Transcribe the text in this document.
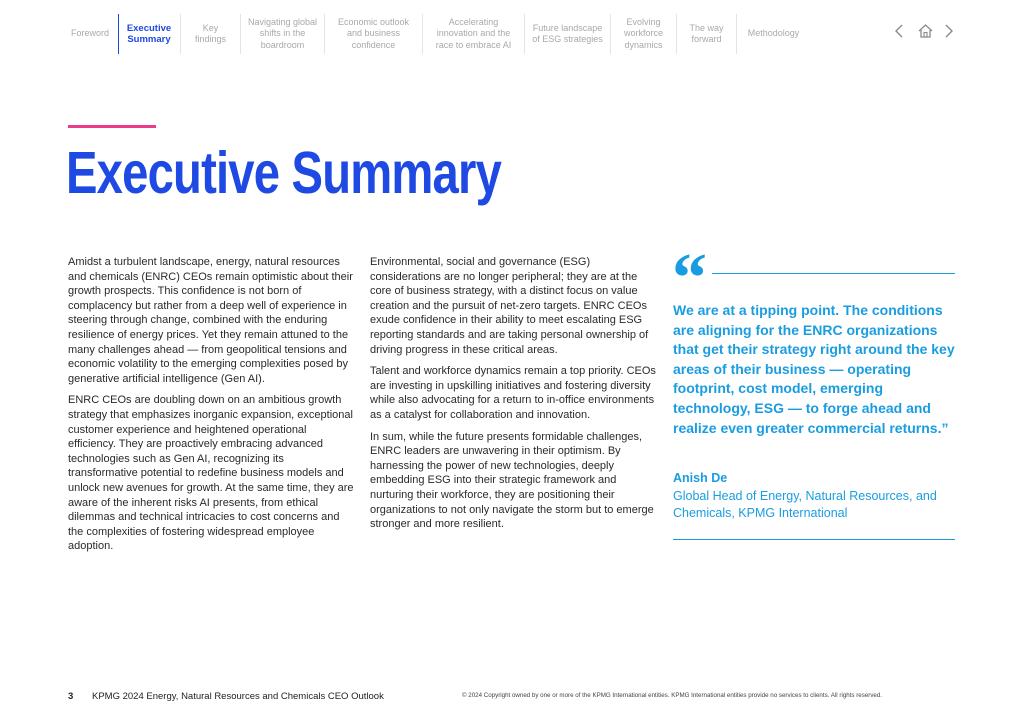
Foreword	Executive Summary
Key findings
Navigating global shifts in the boardroom
Economic outlook and business confidence
Accelerating innovation and the race to embrace AI
Future landscape of ESG strategies
Evolving workforce dynamics
The way forward
Methodology
Executive Summary

Amidst a turbulent landscape, energy, natural resources and chemicals (ENRC) CEOs remain optimistic about their growth prospects. This confidence is not born of complacency but rather from a deep well of experience in steering through change, combined with the enduring resilience of energy prices. Yet they remain attuned to the many challenges ahead — from geopolitical tensions and economic volatility to the emerging complexities posed by generative artificial intelligence (Gen AI).

ENRC CEOs are doubling down on an ambitious growth strategy that emphasizes inorganic expansion, exceptional customer experience and heightened operational efficiency. They are proactively embracing advanced technologies such as Gen AI, recognizing its transformative potential to redefine business models and unlock new avenues for growth. At the same time, they are aware of the inherent risks AI presents, from ethical dilemmas and technical intricacies to cost concerns and the complexities of fostering widespread employee adoption.

Environmental, social and governance (ESG) considerations are no longer peripheral; they are at the core of business strategy, with a distinct focus on value creation and the pursuit of net-zero targets. ENRC CEOs exude confidence in their ability to meet escalating ESG reporting standards and are taking personal ownership of driving progress in these critical areas.

Talent and workforce dynamics remain a top priority. CEOs are investing in upskilling initiatives and fostering diversity while also advocating for a return to in-office environments as a catalyst for collaboration and innovation.

In sum, while the future presents formidable challenges, ENRC leaders are unwavering in their optimism. By harnessing the power of new technologies, deeply embedding ESG into their strategic framework and nurturing their workforce, they are positioning their organizations to not only navigate the storm but to emerge stronger and more resilient.

“

We are at a tipping point. The conditions are aligning for the ENRC organizations that get their strategy right around the key areas of their business — operating footprint, cost model, emerging technology, ESG — to forge ahead and realize even greater commercial returns.”

Anish De
Global Head of Energy, Natural Resources, and Chemicals, KPMG International
3 KPMG 2024 Energy, Natural Resources and Chemicals CEO Outlook	© 2024 Copyright owned by one or more of the KPMG International entities. KPMG International entities provide no services to clients. All rights reserved.
